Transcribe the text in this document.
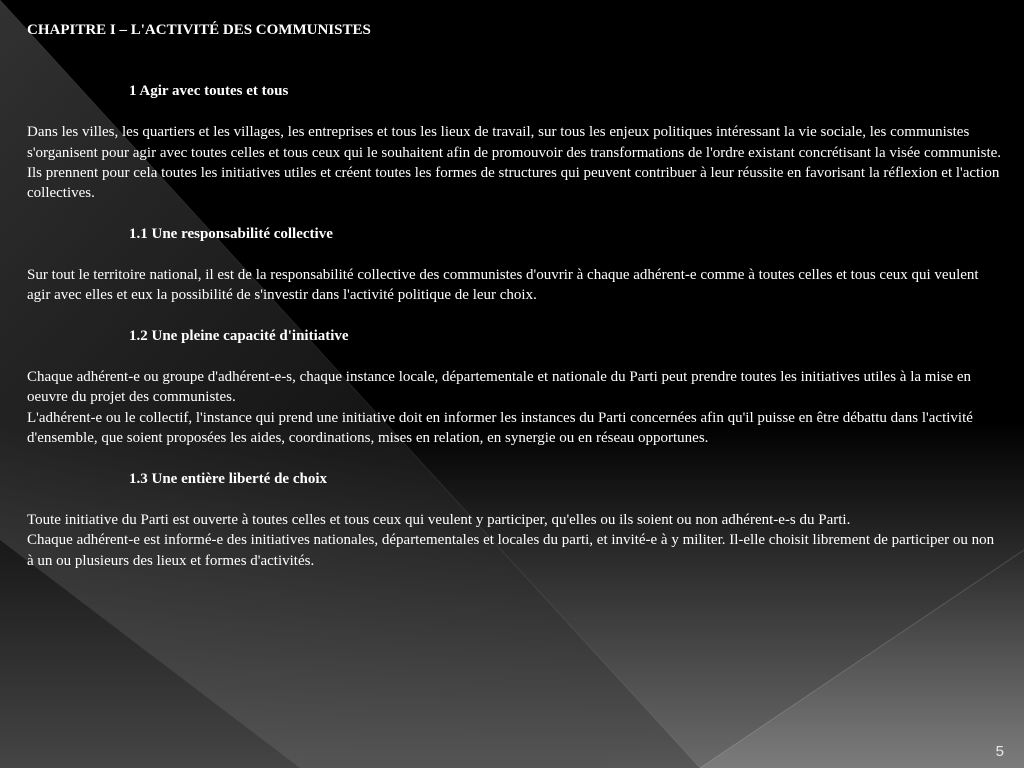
CHAPITRE I – L'ACTIVITÉ DES COMMUNISTES

1 Agir avec toutes et tous

Dans les villes, les quartiers et les villages, les entreprises et tous les lieux de travail, sur tous les enjeux politiques intéressant la vie sociale, les communistes s'organisent pour agir avec toutes celles et tous ceux qui le souhaitent afin de promouvoir des transformations de l'ordre existant concrétisant la visée communiste. Ils prennent pour cela toutes les initiatives utiles et créent toutes les formes de structures qui peuvent contribuer à leur réussite en favorisant la réflexion et l'action collectives.

1.1 Une responsabilité collective

Sur tout le territoire national, il est de la responsabilité collective des communistes d'ouvrir à chaque adhérent-e comme à toutes celles et tous ceux qui veulent agir avec elles et eux la possibilité de s'investir dans l'activité politique de leur choix.

1.2 Une pleine capacité d'initiative

Chaque adhérent-e ou groupe d'adhérent-e-s, chaque instance locale, départementale et nationale du Parti peut prendre toutes les initiatives utiles à la mise en oeuvre du projet des communistes.

L'adhérent-e ou le collectif, l'instance qui prend une initiative doit en informer les instances du Parti concernées afin qu'il puisse en être débattu dans l'activité d'ensemble, que soient proposées les aides, coordinations, mises en relation, en synergie ou en réseau opportunes.

1.3 Une entière liberté de choix

Toute initiative du Parti est ouverte à toutes celles et tous ceux qui veulent y participer, qu'elles ou ils soient ou non adhérent-e-s du Parti.

Chaque adhérent-e est informé-e des initiatives nationales, départementales et locales du parti, et invité-e à y militer. Il-elle choisit librement de participer ou non à un ou plusieurs des lieux et formes d'activités.

5
